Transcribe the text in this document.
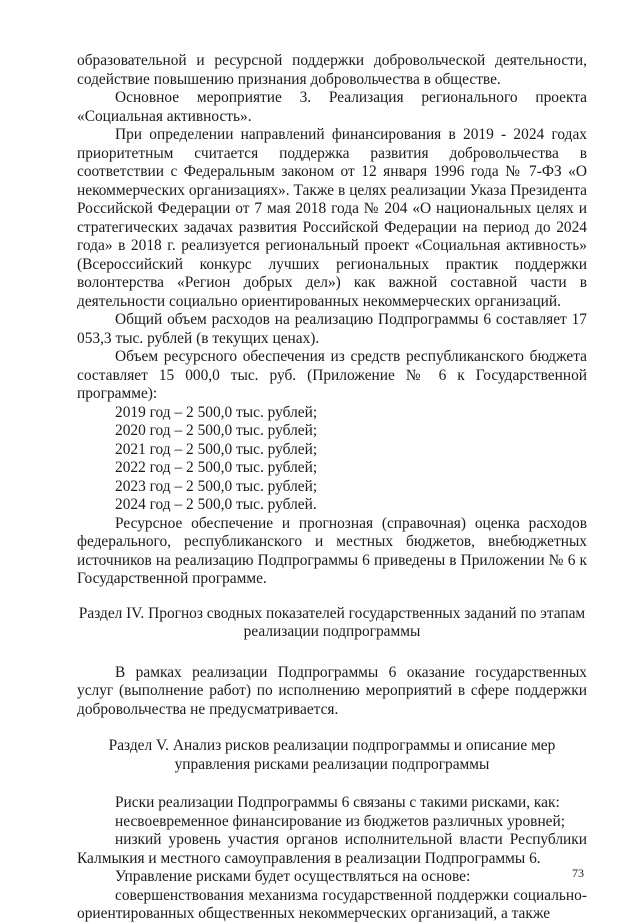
образовательной и ресурсной поддержки добровольческой деятельности, содействие повышению признания добровольчества в обществе.

Основное мероприятие 3. Реализация регионального проекта

«Социальная активность».

При определении направлений финансирования в 2019 - 2024 годах приоритетным считается поддержка развития добровольчества в соответствии с Федеральным законом от 12 января 1996 года № 7-ФЗ «О некоммерческих организациях». Также в целях реализации Указа Президента Российской Федерации от 7 мая 2018 года № 204 «О национальных целях и стратегических задачах развития Российской Федерации на период до 2024 года» в 2018 г. реализуется региональный проект «Социальная активность» (Всероссийский конкурс лучших региональных практик поддержки волонтерства «Регион добрых дел») как важной составной части в деятельности социально ориентированных некоммерческих организаций.

Общий объем расходов на реализацию Подпрограммы 6 составляет 17 053,3 тыс. рублей (в текущих ценах).

Объем ресурсного обеспечения из средств республиканского бюджета составляет 15 000,0 тыс. руб. (Приложение № 6 к Государственной программе):

2019 год – 2 500,0 тыс. рублей;
2020 год – 2 500,0 тыс. рублей;
2021 год – 2 500,0 тыс. рублей;
2022 год – 2 500,0 тыс. рублей;
2023 год – 2 500,0 тыс. рублей;
2024 год – 2 500,0 тыс. рублей.

Ресурсное обеспечение и прогнозная (справочная) оценка расходов федерального, республиканского и местных бюджетов, внебюджетных источников на реализацию Подпрограммы 6 приведены в Приложении № 6 к Государственной программе.

Раздел IV. Прогноз сводных показателей государственных заданий по этапам реализации подпрограммы

В рамках реализации Подпрограммы 6 оказание государственных услуг (выполнение работ) по исполнению мероприятий в сфере поддержки добровольчества не предусматривается.

Раздел V. Анализ рисков реализации подпрограммы и описание мер управления рисками реализации подпрограммы

Риски реализации Подпрограммы 6 связаны с такими рисками, как:

несвоевременное финансирование из бюджетов различных уровней;

низкий уровень участия органов исполнительной власти Республики Калмыкия и местного самоуправления в реализации Подпрограммы 6.

Управление рисками будет осуществляться на основе:

совершенствования механизма государственной поддержки социально-ориентированных общественных некоммерческих организаций, а также

73
